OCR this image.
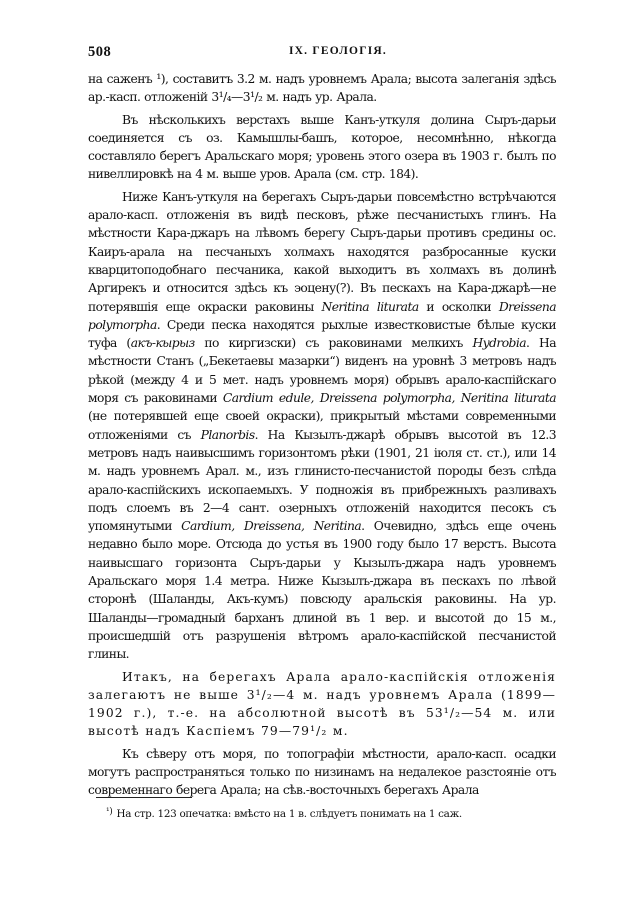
508	IX. ГЕОЛОГІЯ.

на саженъ ¹), составитъ 3.2 м. надъ уровнемъ Арала; высота залеганія здѣсь ар.-касп. отложеній 3¹/₄—3¹/₂ м. надъ ур. Арала.

Въ нѣсколькихъ верстахъ выше Канъ-уткуля долина Сыръ-дарьи соединяется съ оз. Камышлы-башъ, которое, несомнѣнно, нѣкогда составляло берегъ Аральскаго моря; уровень этого озера въ 1903 г. былъ по нивеллировкѣ на 4 м. выше уров. Арала (см. стр. 184).

Ниже Канъ-уткуля на берегахъ Сыръ-дарьи повсемѣстно встрѣчаются арало-касп. отложенія въ видѣ песковъ, рѣже песчанистыхъ глинъ. На мѣстности Кара-джаръ на лѣвомъ берегу Сыръ-дарьи противъ средины ос. Каиръ-арала на песчаныхъ холмахъ находятся разбросанные куски кварцитоподобнаго песчаника, какой выходитъ въ холмахъ въ долинѣ Аргирекъ и относится здѣсь къ эоцену(?). Въ пескахъ на Кара-джарѣ—не потерявшія еще окраски раковины Neritina liturata и осколки Dreissena polymorpha. Среди песка находятся рыхлые известковистые бѣлые куски туфа (акъ-кырыз по киргизски) съ раковинами мелкихъ Hydrobia. На мѣстности Станъ („Бекетаевы мазарки“) виденъ на уровнѣ 3 метровъ надъ рѣкой (между 4 и 5 мет. надъ уровнемъ моря) обрывъ арало-каспійскаго моря съ раковинами Cardium edule, Dreissena polymorpha, Neritina liturata (не потерявшей еще своей окраски), прикрытый мѣстами современными отложеніями съ Planorbis. На Кызылъ-джарѣ обрывъ высотой въ 12.3 метровъ надъ наивысшимъ горизонтомъ рѣки (1901, 21 іюля ст. ст.), или 14 м. надъ уровнемъ Арал. м., изъ глинисто-песчанистой породы безъ слѣда арало-каспійскихъ ископаемыхъ. У подножія въ прибрежныхъ разливахъ подъ слоемъ въ 2—4 сант. озерныхъ отложеній находится песокъ съ упомянутыми Cardium, Dreissena, Neritina. Очевидно, здѣсь еще очень недавно было море. Отсюда до устья въ 1900 году было 17 верстъ. Высота наивысшаго горизонта Сыръ-дарьи у Кызылъ-джара надъ уровнемъ Аральскаго моря 1.4 метра. Ниже Кызылъ-джара въ пескахъ по лѣвой сторонѣ (Шаланды, Акъ-кумъ) повсюду аральскія раковины. На ур. Шаланды—громадный барханъ длиной въ 1 вер. и высотой до 15 м., происшедшій отъ разрушенія вѣтромъ арало-каспійской песчанистой глины.

Итакъ, на берегахъ Арала арало-каспійскія отложенія залегаютъ не выше 3¹/₂—4 м. надъ уровнемъ Арала (1899—1902 г.), т.-е. на абсолютной высотѣ въ 53¹/₂—54 м. или высотѣ надъ Каспіемъ 79—79¹/₂ м.

Къ сѣверу отъ моря, по топографіи мѣстности, арало-касп. осадки могутъ распространяться только по низинамъ на недалекое разстояніе отъ современнаго берега Арала; на сѣв.-восточныхъ берегахъ Арала

¹) На стр. 123 опечатка: вмѣсто на 1 в. слѣдуетъ понимать на 1 саж.
